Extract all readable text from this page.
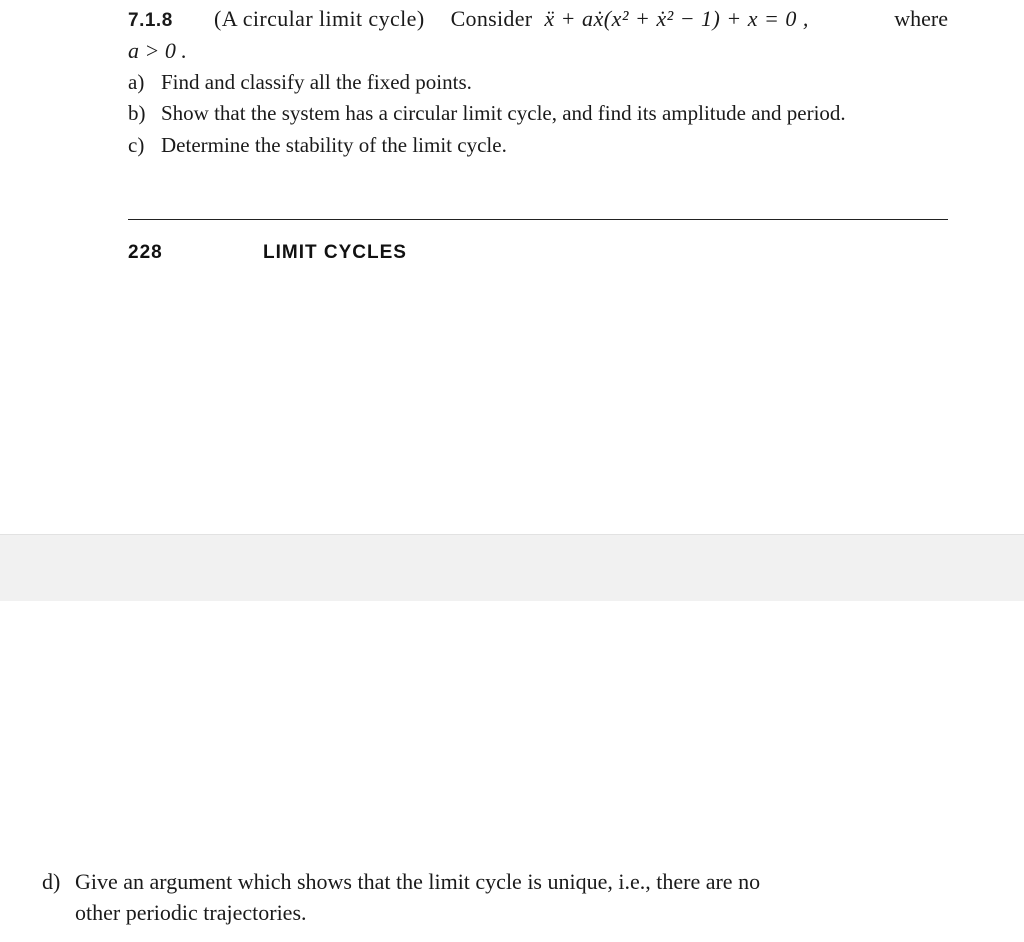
7.1.8 (A circular limit cycle) Consider ẍ + aẋ(x² + ẋ² − 1) + x = 0 ,	where
a > 0 .
a) Find and classify all the fixed points.
b) Show that the system has a circular limit cycle, and find its amplitude and period.
c) Determine the stability of the limit cycle.
228	LIMIT CYCLES
d) Give an argument which shows that the limit cycle is unique, i.e., there are no
other periodic trajectories.
